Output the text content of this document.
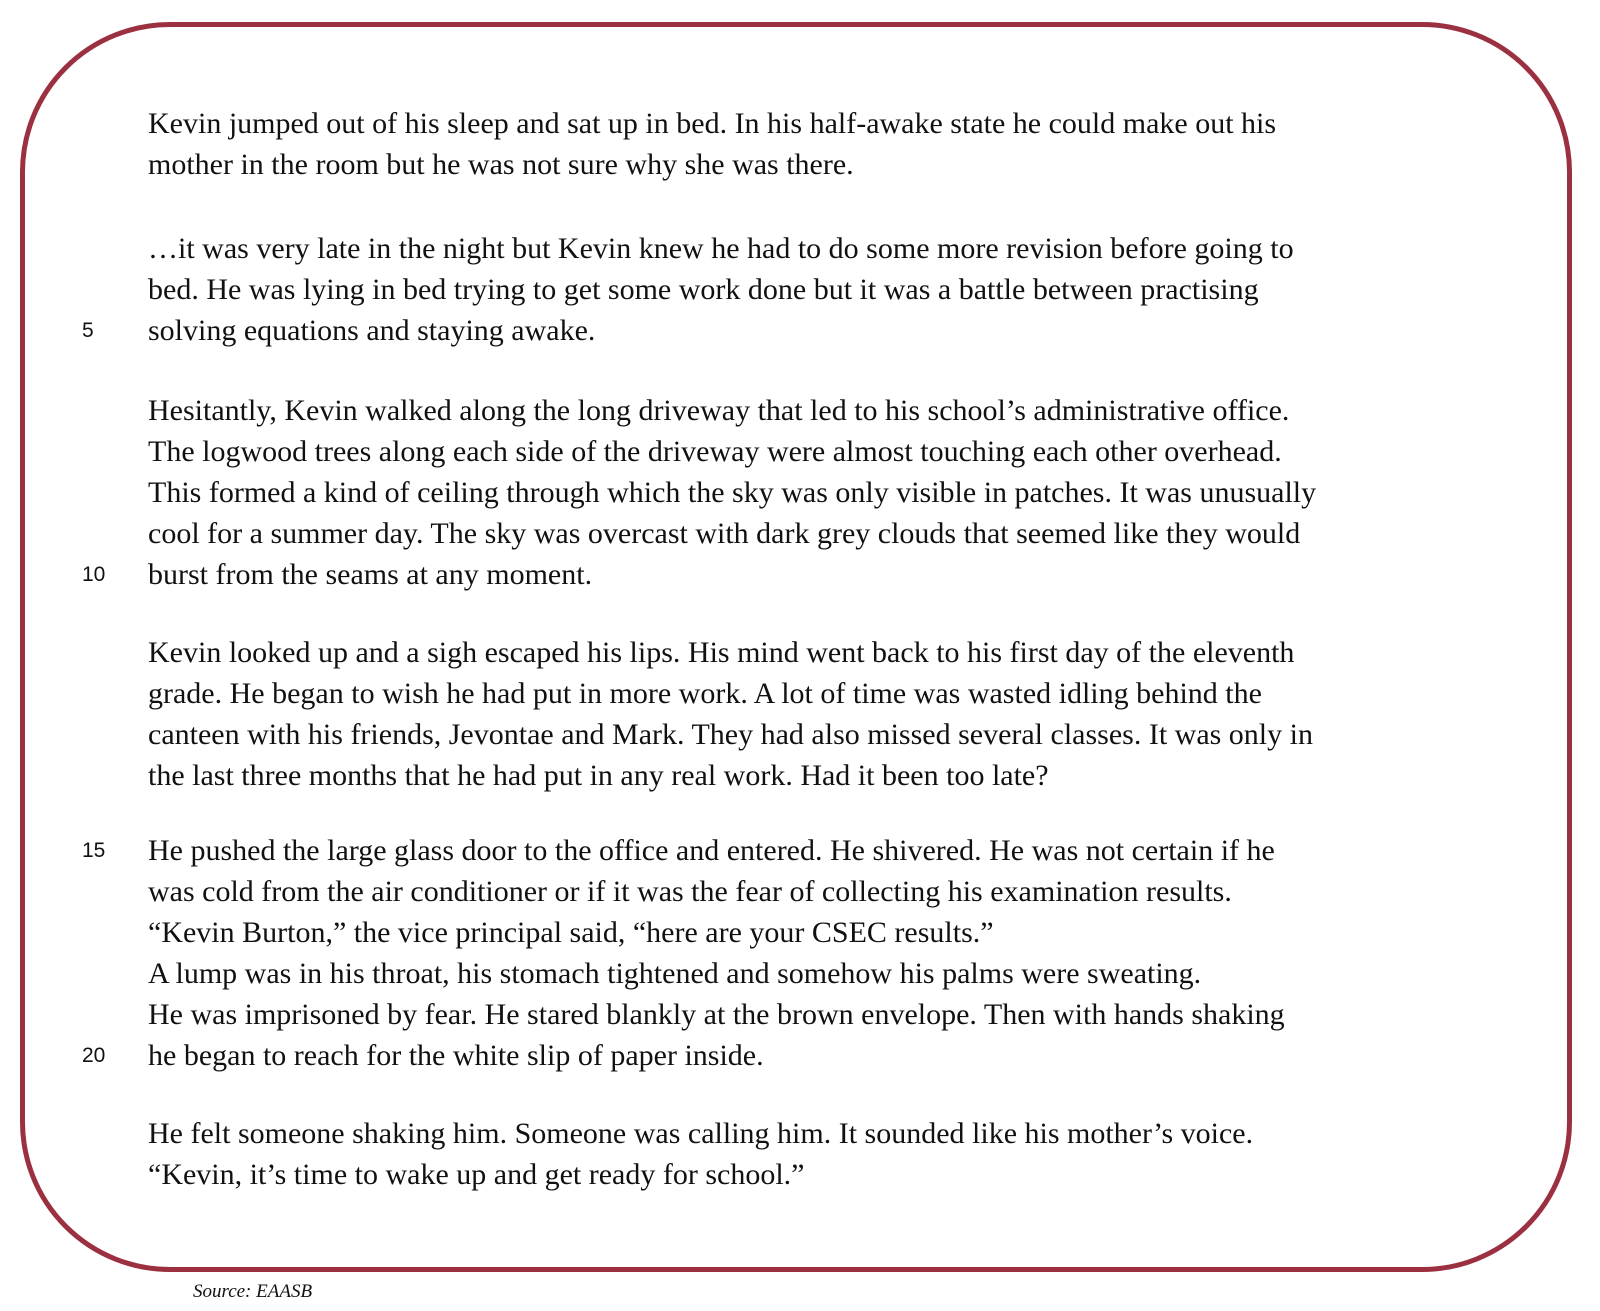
Kevin jumped out of his sleep and sat up in bed. In his half-awake state he could make out his
mother in the room but he was not sure why she was there.

…it was very late in the night but Kevin knew he had to do some more revision before going to
bed. He was lying in bed trying to get some work done but it was a battle between practising
solving equations and staying awake.

5

Hesitantly, Kevin walked along the long driveway that led to his school’s administrative office.
The logwood trees along each side of the driveway were almost touching each other overhead.
This formed a kind of ceiling through which the sky was only visible in patches. It was unusually
cool for a summer day. The sky was overcast with dark grey clouds that seemed like they would
burst from the seams at any moment.

10

Kevin looked up and a sigh escaped his lips. His mind went back to his first day of the eleventh
grade. He began to wish he had put in more work. A lot of time was wasted idling behind the
canteen with his friends, Jevontae and Mark. They had also missed several classes. It was only in
the last three months that he had put in any real work. Had it been too late?

He pushed the large glass door to the office and entered. He shivered. He was not certain if he
was cold from the air conditioner or if it was the fear of collecting his examination results.
“Kevin Burton,” the vice principal said, “here are your CSEC results.”
A lump was in his throat, his stomach tightened and somehow his palms were sweating.
He was imprisoned by fear. He stared blankly at the brown envelope. Then with hands shaking
he began to reach for the white slip of paper inside.

15
20

He felt someone shaking him. Someone was calling him. It sounded like his mother’s voice.
“Kevin, it’s time to wake up and get ready for school.”

Source: EAASB
